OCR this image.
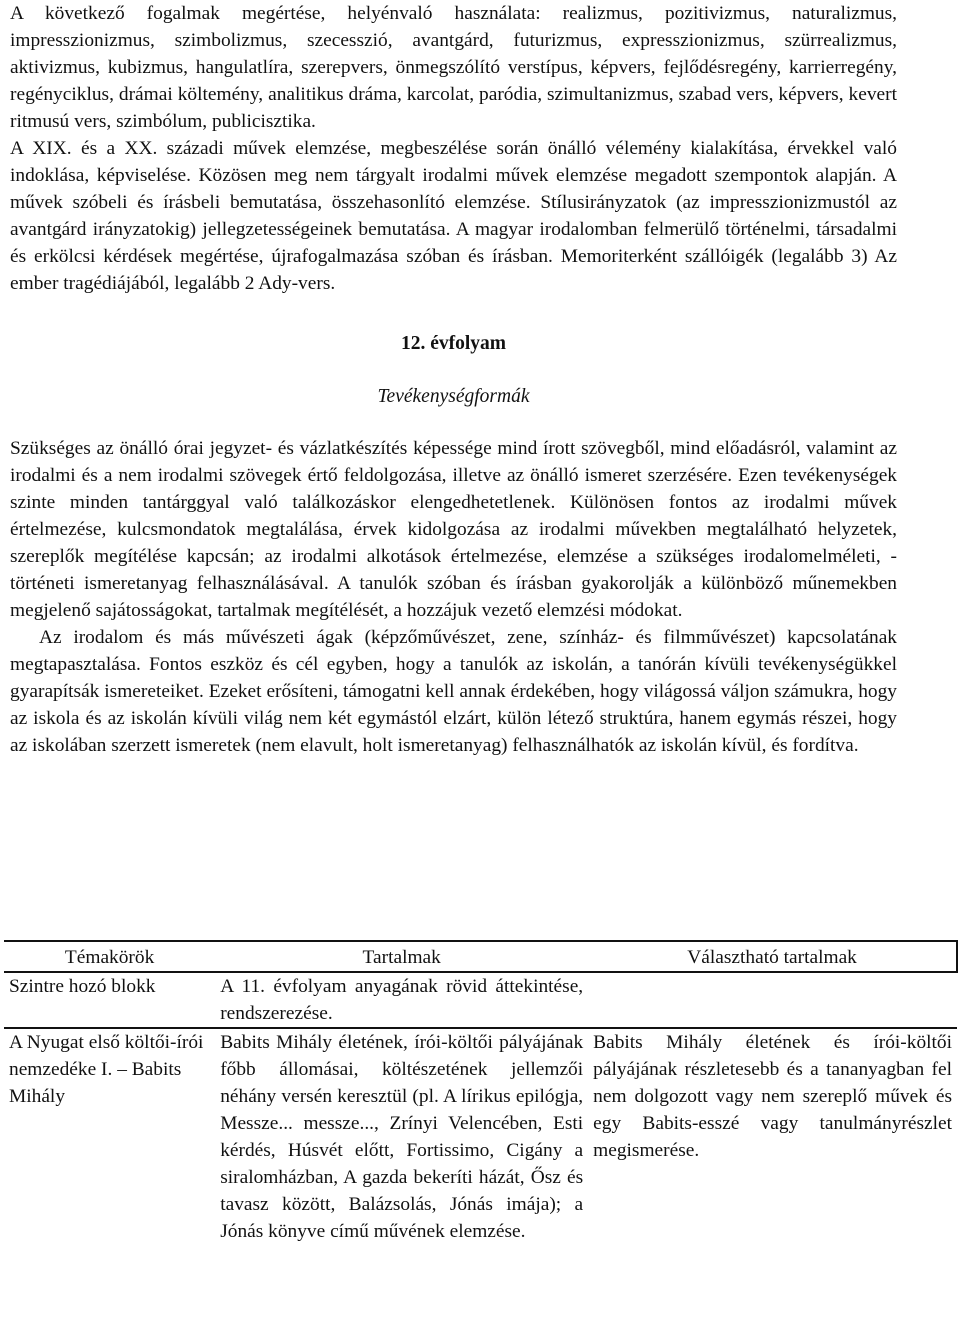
A következő fogalmak megértése, helyénvaló használata: realizmus, pozitivizmus, naturalizmus, impresszionizmus, szimbolizmus, szecesszió, avantgárd, futurizmus, expresszionizmus, szürrealizmus, aktivizmus, kubizmus, hangulatlíra, szerepvers, önmegszólító verstípus, képvers, fejlődésregény, karrierregény, regényciklus, drámai költemény, analitikus dráma, karcolat, paródia, szimultanizmus, szabad vers, képvers, kevert ritmusú vers, szimbólum, publicisztika.

A XIX. és a XX. századi művek elemzése, megbeszélése során önálló vélemény kialakítása, érvekkel való indoklása, képviselése. Közösen meg nem tárgyalt irodalmi művek elemzése megadott szempontok alapján. A művek szóbeli és írásbeli bemutatása, összehasonlító elemzése. Stílusirányzatok (az impresszionizmustól az avantgárd irányzatokig) jellegzetességeinek bemutatása. A magyar irodalomban felmerülő történelmi, társadalmi és erkölcsi kérdések megértése, újrafogalmazása szóban és írásban. Memoriterként szállóigék (legalább 3) Az ember tragédiájából, legalább 2 Ady-vers.

12. évfolyam
Tevékenységformák

Szükséges az önálló órai jegyzet- és vázlatkészítés képessége mind írott szövegből, mind előadásról, valamint az irodalmi és a nem irodalmi szövegek értő feldolgozása, illetve az önálló ismeret szerzésére. Ezen tevékenységek szinte minden tantárggyal való találkozáskor elengedhetetlenek. Különösen fontos az irodalmi művek értelmezése, kulcsmondatok megtalálása, érvek kidolgozása az irodalmi művekben megtalálható helyzetek, szereplők megítélése kapcsán; az irodalmi alkotások értelmezése, elemzése a szükséges irodalomelméleti, -történeti ismeretanyag felhasználásával. A tanulók szóban és írásban gyakorolják a különböző műnemekben megjelenő sajátosságokat, tartalmak megítélését, a hozzájuk vezető elemzési módokat.

Az irodalom és más művészeti ágak (képzőművészet, zene, színház- és filmművészet) kapcsolatának megtapasztalása. Fontos eszköz és cél egyben, hogy a tanulók az iskolán, a tanórán kívüli tevékenységükkel gyarapítsák ismereteiket. Ezeket erősíteni, támogatni kell annak érdekében, hogy világossá váljon számukra, hogy az iskola és az iskolán kívüli világ nem két egymástól elzárt, külön létező struktúra, hanem egymás részei, hogy az iskolában szerzett ismeretek (nem elavult, holt ismeretanyag) felhasználhatók az iskolán kívül, és fordítva.

Témakörök	Tartalmak	Választható tartalmak
Szintre hozó blokk	A 11. évfolyam anyagának rövid áttekintése, rendszerezése.	
A Nyugat első költői-írói nemzedéke I. – Babits Mihály	Babits Mihály életének, írói-költői pályájának főbb állomásai, költészetének jellemzői néhány versén keresztül (pl. A lírikus epilógja, Messze... messze..., Zrínyi Velencében, Esti kérdés, Húsvét előtt, Fortissimo, Cigány a siralomházban, A gazda bekeríti házát, Ősz és tavasz között, Balázsolás, Jónás imája); a Jónás könyve című művének elemzése.	Babits Mihály életének és írói-költői pályájának részletesebb és a tananyagban fel nem dolgozott vagy nem szereplő művek és egy Babits-esszé vagy tanulmányrészlet megismerése.
